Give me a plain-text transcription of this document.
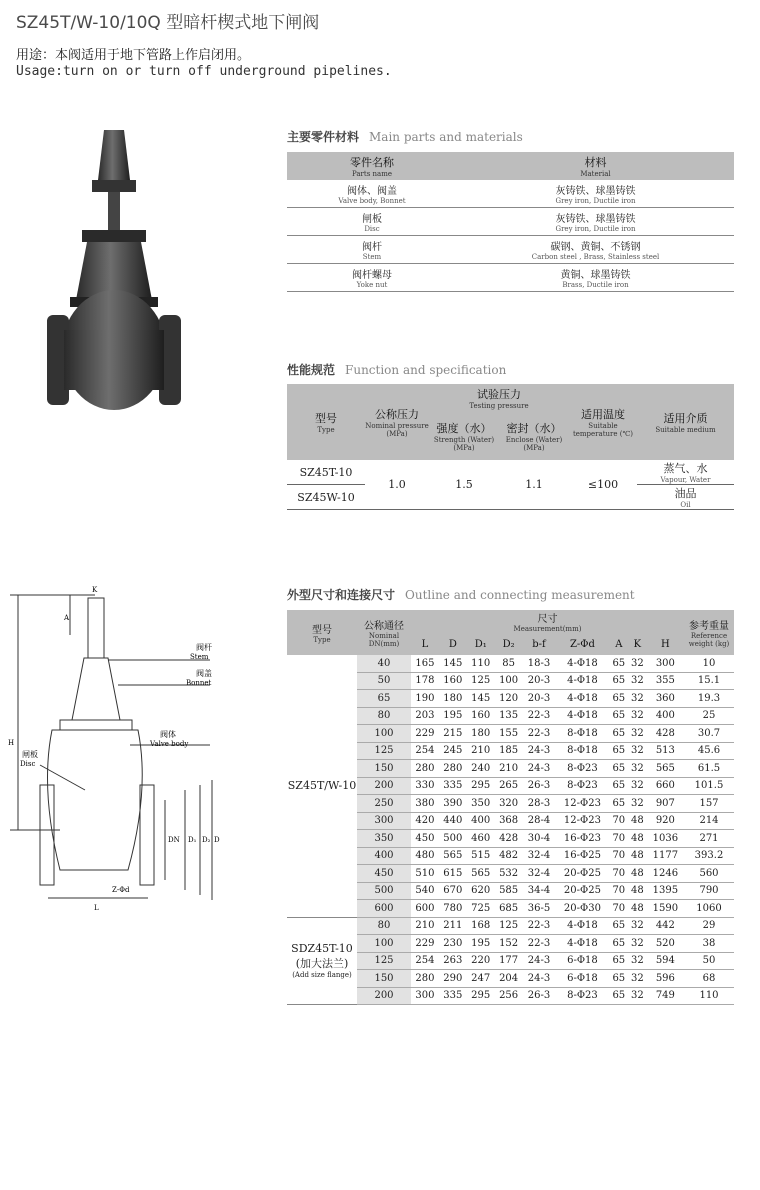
SZ45T/W-10/10Q 型暗杆楔式地下闸阀
用途：本阀适用于地下管路上作启闭用。
Usage:turn on or turn off underground pipelines.
主要零件材料 Main parts and materials
零件名称
Parts name	材料
Material

阀体、阀盖
Valve body, Bonnet	灰铸铁、球墨铸铁
Grey iron, Ductile iron

闸板
Disc	灰铸铁、球墨铸铁
Grey iron, Ductile iron

阀杆
Stem	碳钢、黄铜、不锈钢
Carbon steel , Brass, Stainless steel

阀杆螺母
Yoke nut	黄铜、球墨铸铁
Brass, Ductile iron
性能规范 Function and specification
型号
Type	公称压力
Nominal pressure (MPa)	试验压力
Testing pressure		适用温度
Suitable temperature (℃)	适用介质
Suitable medium

		强度（水）
Strength (Water) (MPa)	密封（水）
Enclose (Water) (MPa)		

SZ45T-10	1.0	1.5	1.1	≤100	蒸气、水
Vapour, Water

SZ45W-10					油品
Oil
外型尺寸和连接尺寸 Outline and connecting measurement
型号
Type	公称通径
Nominal DN(mm)	尺寸
Measurement(mm)									参考重量
Reference weight (kg)

		L	D	D₁	D₂	b-f	Z-Φd	A	K	H	

SZ45T/W-10	40	165	145	110	85	18-3	4-Φ18	65	32	300	10
	50	178	160	125	100	20-3	4-Φ18	65	32	355	15.1
	65	190	180	145	120	20-3	4-Φ18	65	32	360	19.3
	80	203	195	160	135	22-3	4-Φ18	65	32	400	25
	100	229	215	180	155	22-3	8-Φ18	65	32	428	30.7
	125	254	245	210	185	24-3	8-Φ18	65	32	513	45.6
	150	280	280	240	210	24-3	8-Φ23	65	32	565	61.5
	200	330	335	295	265	26-3	8-Φ23	65	32	660	101.5
	250	380	390	350	320	28-3	12-Φ23	65	32	907	157
	300	420	440	400	368	28-4	12-Φ23	70	48	920	214
	350	450	500	460	428	30-4	16-Φ23	70	48	1036	271
	400	480	565	515	482	32-4	16-Φ25	70	48	1177	393.2
	450	510	615	565	532	32-4	20-Φ25	70	48	1246	560
	500	540	670	620	585	34-4	20-Φ25	70	48	1395	790
	600	600	780	725	685	36-5	20-Φ30	70	48	1590	1060

SDZ45T-10
(加大法兰)
(Add size flange)	80	210	211	168	125	22-3	4-Φ18	65	32	442	29
	100	229	230	195	152	22-3	4-Φ18	65	32	520	38
	125	254	263	220	177	24-3	6-Φ18	65	32	594	50
	150	280	290	247	204	24-3	6-Φ18	65	32	596	68
	200	300	335	295	256	26-3	8-Φ23	65	32	749	110
K
A
H
L
DN D₁ D₂ D
Z-Φd
阀杆
Stem
阀盖
Bonnet
阀体
Valve body
闸板
Disc
